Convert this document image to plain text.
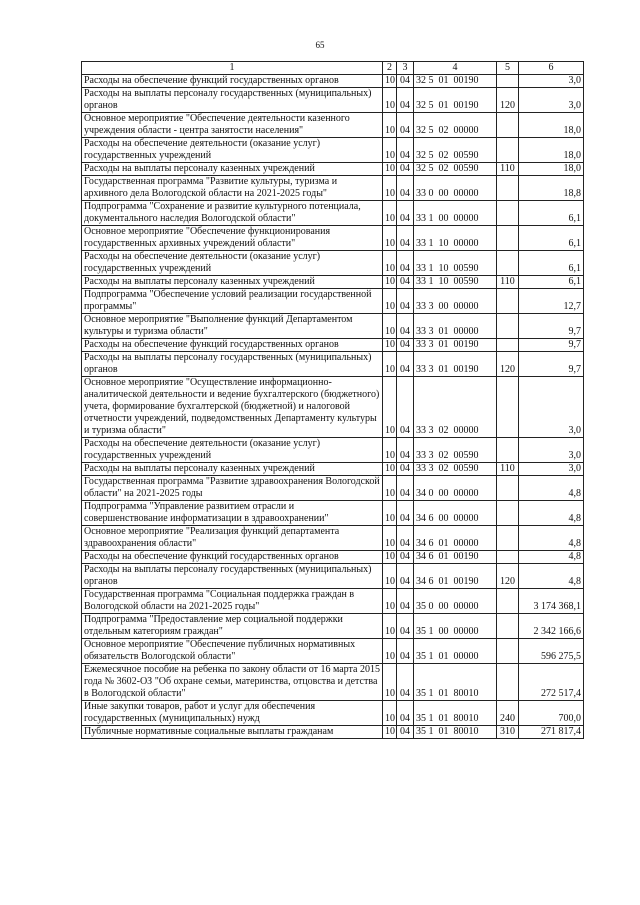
65
1	2	3	4	5	6
Расходы на обеспечение функций государственных органов	10	04	32 5  01  00190		3,0
Расходы на выплаты персоналу государственных (муниципальных) органов	10	04	32 5  01  00190	120	3,0
Основное мероприятие "Обеспечение деятельности казенного учреждения области - центра занятости населения"	10	04	32 5  02  00000		18,0
Расходы на обеспечение деятельности (оказание услуг) государственных учреждений	10	04	32 5  02  00590		18,0
Расходы на выплаты персоналу казенных учреждений	10	04	32 5  02  00590	110	18,0
Государственная программа "Развитие культуры, туризма и архивного дела Вологодской области на 2021-2025 годы"	10	04	33 0  00  00000		18,8
Подпрограмма "Сохранение и развитие культурного потенциала, документального наследия Вологодской области"	10	04	33 1  00  00000		6,1
Основное мероприятие "Обеспечение функционирования государственных архивных учреждений области"	10	04	33 1  10  00000		6,1
Расходы на обеспечение деятельности (оказание услуг) государственных учреждений	10	04	33 1  10  00590		6,1
Расходы на выплаты персоналу казенных учреждений	10	04	33 1  10  00590	110	6,1
Подпрограмма "Обеспечение условий реализации государственной программы"	10	04	33 3  00  00000		12,7
Основное мероприятие "Выполнение функций Департаментом культуры и туризма области"	10	04	33 3  01  00000		9,7
Расходы на обеспечение функций государственных органов	10	04	33 3  01  00190		9,7
Расходы на выплаты персоналу государственных (муниципальных) органов	10	04	33 3  01  00190	120	9,7
Основное мероприятие "Осуществление информационно-аналитической деятельности и ведение бухгалтерского (бюджетного) учета, формирование бухгалтерской (бюджетной) и налоговой отчетности учреждений, подведомственных Департаменту культуры и туризма области"	10	04	33 3  02  00000		3,0
Расходы на обеспечение деятельности (оказание услуг) государственных учреждений	10	04	33 3  02  00590		3,0
Расходы на выплаты персоналу казенных учреждений	10	04	33 3  02  00590	110	3,0
Государственная программа "Развитие здравоохранения Вологодской области" на 2021-2025 годы	10	04	34 0  00  00000		4,8
Подпрограмма "Управление развитием отрасли и совершенствование информатизации в здравоохранении"	10	04	34 6  00  00000		4,8
Основное мероприятие "Реализация функций департамента здравоохранения области"	10	04	34 6  01  00000		4,8
Расходы на обеспечение функций государственных органов	10	04	34 6  01  00190		4,8
Расходы на выплаты персоналу государственных (муниципальных) органов	10	04	34 6  01  00190	120	4,8
Государственная программа "Социальная поддержка граждан в Вологодской области на 2021-2025 годы"	10	04	35 0  00  00000		3 174 368,1
Подпрограмма "Предоставление мер социальной поддержки отдельным категориям граждан"	10	04	35 1  00  00000		2 342 166,6
Основное мероприятие "Обеспечение публичных нормативных обязательств Вологодской области"	10	04	35 1  01  00000		596 275,5
Ежемесячное пособие на ребенка по закону области от 16 марта 2015 года № 3602-ОЗ "Об охране семьи, материнства, отцовства и детства в Вологодской области"	10	04	35 1  01  80010		272 517,4
Иные закупки товаров, работ и услуг для обеспечения государственных (муниципальных) нужд	10	04	35 1  01  80010	240	700,0
Публичные нормативные социальные выплаты гражданам	10	04	35 1  01  80010	310	271 817,4
